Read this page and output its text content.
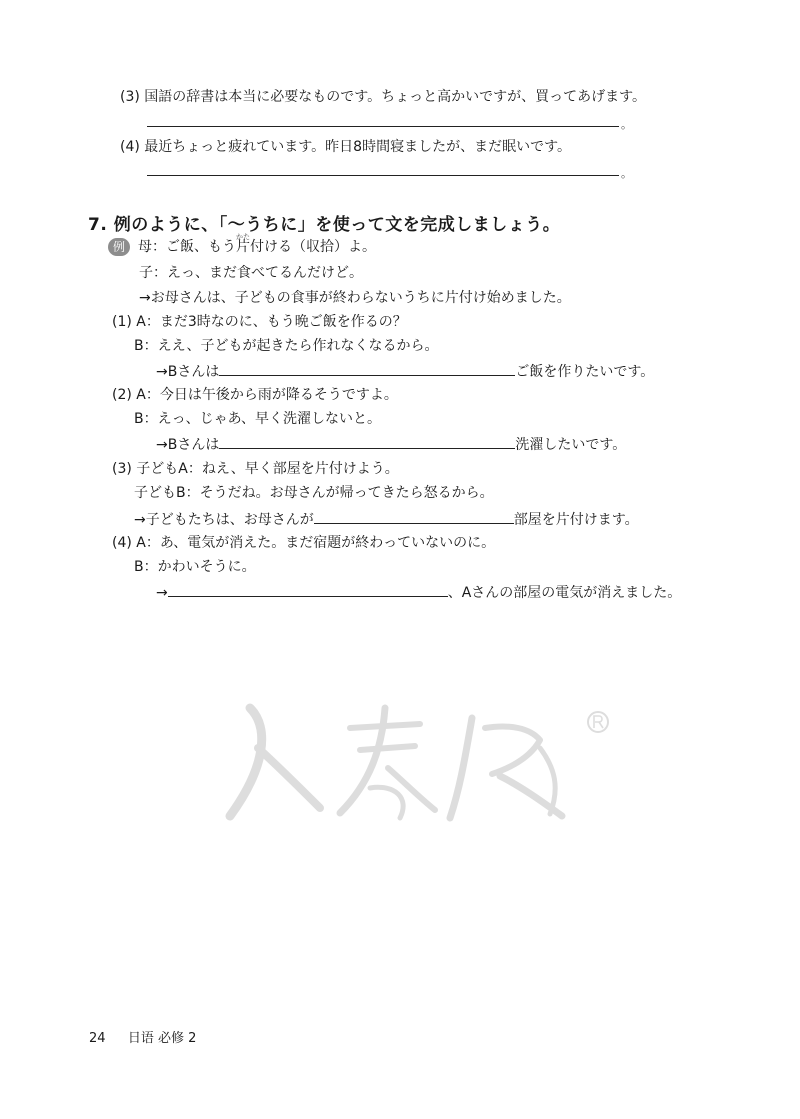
(3) 国語の辞書は本当に必要なものです。ちょっと高かいですが、買ってあげます。
。
(4) 最近ちょっと疲れています。昨日8時間寝ましたが、まだ眠いです。
。
7. 例のように、「～うちに」を使って文を完成しましょう。
例 母：ご飯、もう
かた
片付ける（収拾）よ。
子：えっ、まだ食べてるんだけど。
→お母さんは、子どもの食事が終わらないうちに片付け始めました。
(1) A：まだ3時なのに、もう晩ご飯を作るの？
B：ええ、子どもが起きたら作れなくなるから。
→Bさんは	ご飯を作りたいです。
(2) A：今日は午後から雨が降るそうですよ。
B：えっ、じゃあ、早く洗濯しないと。
→Bさんは	洗濯したいです。
(3) 子どもA：ねえ、早く部屋を片付けよう。
子どもB：そうだね。お母さんが帰ってきたら怒るから。
→子どもたちは、お母さんが	部屋を片付けます。
(4) A：あ、電気が消えた。まだ宿題が終わっていないのに。
B：かわいそうに。
→	、Aさんの部屋の電気が消えました。
24 日语 必修 2
